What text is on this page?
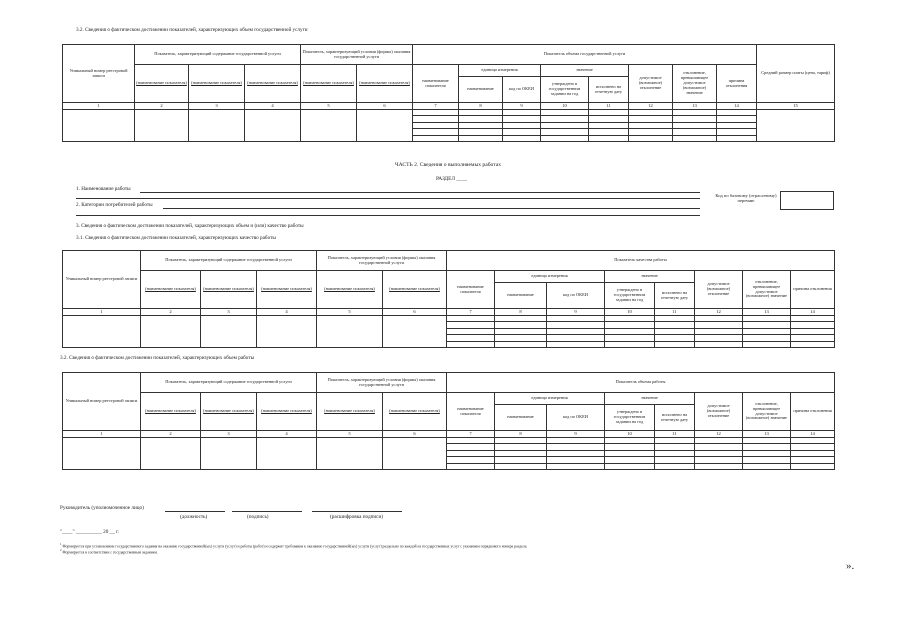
3.2. Сведения о фактическом достижении показателей, характеризующих объем государственной услуги
Уникальный номер реестровой записи	Показатель, характеризующий содержание государственной услуги			Показатель, характеризующий условия (формы) оказания государственной услуги		Показатель объема государственной услуги								Средний размер платы (цена, тариф)
	(наименование показателя)	(наименование показателя)	(наименование показателя)	(наименование показателя)	(наименование показателя)	наименование показателя	единица измерения		значение		допустимое (возможное) отклонение	отклонение, превышающее допустимое (возможное) значение	причина отклонения	
							наименование	код по ОКЕИ	утверждено в государственном задании на год	исполнено на отчетную дату				
1	2	3	4	5	6	7	8	9	10	11	12	13	14	15

ЧАСТЬ 2. Сведения о выполняемых работах
РАЗДЕЛ ____
1. Наименование работы
2. Категории потребителей работы
Код по базовому (отраслевому) перечню
3. Сведения о фактическом достижении показателей, характеризующих объем и (или) качество работы
3.1. Сведения о фактическом достижении показателей, характеризующих качество работы
Уникальный номер реестровой записи	Показатель, характеризующий содержание государственной услуги			Показатель, характеризующий условия (формы) оказания государственной услуги		Показатель качества работы							
	(наименование показателя)	(наименование показателя)	(наименование показателя)	(наименование показателя)	(наименование показателя)	наименование показателя	единица измерения		значение		допустимое (возможное) отклонение	отклонение, превышающее допустимое (возможное) значение	причина отклонения
							наименование	код по ОКЕИ	утверждено в государственном задании на год	исполнено на отчетную дату			
1	2	3	4	5	6	7	8	9	10	11	12	13	14

3.2. Сведения о фактическом достижении показателей, характеризующих объем работы
Уникальный номер реестровой записи	Показатель, характеризующий содержание государственной услуги			Показатель, характеризующий условия (формы) оказания государственной услуги		Показатель объема работы							
	(наименование показателя)	(наименование показателя)	(наименование показателя)	(наименование показателя)	(наименование показателя)	наименование показателя	единица измерения		значение		допустимое (возможное) отклонение	отклонение, превышающее допустимое (возможное) значение	причина отклонения
							наименование	код по ОКЕИ	утверждено в государственном задании на год	исполнено на отчетную дату			
1	2	3	4	5	6	7	8	9	10	11	12	13	14

Руководитель (уполномоченное лицо)
(должность)	(подпись)	(расшифровка подписи)
"____" __________ 20 __ г.
$^1$ Формируется при установлении государственного задания на оказание государственной(ых) услуги (услуг) и работы (работ) и содержит требования к оказанию государственной(ых) услуги (услуг) раздельно по каждой из государственных услуг с указанием порядкового номера раздела.
$^2$ Формируется в соответствии с государственным заданием.
».
